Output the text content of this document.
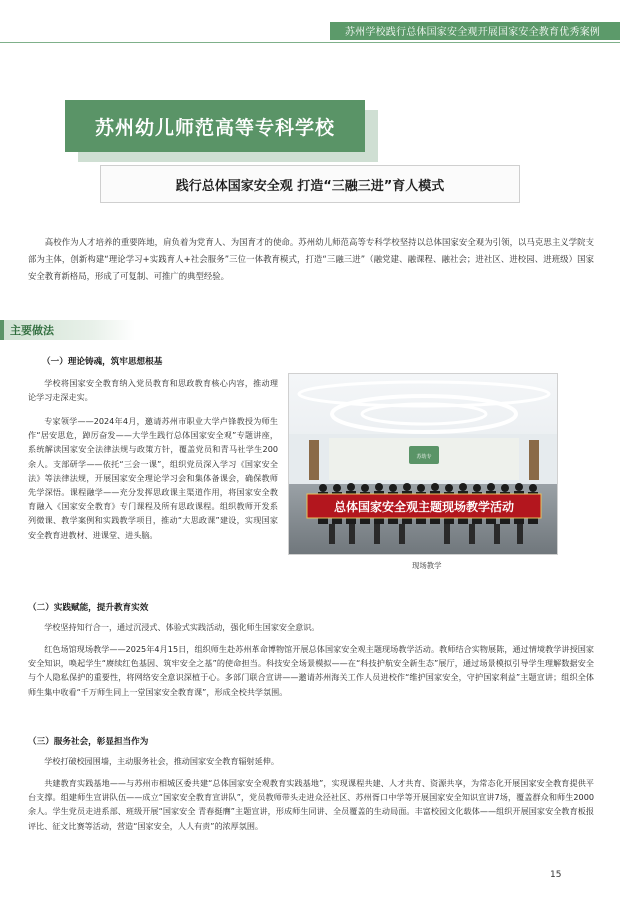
苏州学校践行总体国家安全观开展国家安全教育优秀案例
苏州幼儿师范高等专科学校
践行总体国家安全观 打造“三融三进”育人模式

高校作为人才培养的重要阵地，肩负着为党育人、为国育才的使命。苏州幼儿师范高等专科学校坚持以总体国家安全观为引领，以马克思主义学院支部为主体，创新构建“理论学习+实践育人+社会服务”三位一体教育模式，打造“三融三进”（融党建、融课程、融社会；进社区、进校园、进班级）国家安全教育新格局，形成了可复制、可推广的典型经验。

主要做法
（一）理论铸魂，筑牢思想根基

学校将国家安全教育纳入党员教育和思政教育核心内容，推动理论学习走深走实。

专家领学——2024年4月，邀请苏州市职业大学卢锋教授为师生作“居安思危，踔厉奋发——大学生践行总体国家安全观”专题讲座，系统解读国家安全法律法规与政策方针，覆盖党员和青马社学生200余人。支部研学——依托“三会一课”，组织党员深入学习《国家安全法》等法律法规，开展国家安全理论学习会和集体备课会，确保教师先学深悟。课程融学——充分发挥思政课主渠道作用，将国家安全教育融入《国家安全教育》专门课程及所有思政课程。组织教师开发系列微课、教学案例和实践教学项目，推动“大思政课”建设，实现国家安全教育进教材、进课堂、进头脑。

苏幼专
总体国家安全观主题现场教学活动
现场教学
（二）实践赋能，提升教育实效

学校坚持知行合一，通过沉浸式、体验式实践活动，强化师生国家安全意识。

红色场馆现场教学——2025年4月15日，组织师生赴苏州革命博物馆开展总体国家安全观主题现场教学活动。教师结合实物展陈，通过情境教学讲授国家安全知识，唤起学生“赓续红色基因、筑牢安全之基”的使命担当。科技安全场景模拟——在“科技护航安全新生态”展厅，通过场景模拟引导学生理解数据安全与个人隐私保护的重要性，将网络安全意识深植于心。多部门联合宣讲——邀请苏州海关工作人员进校作“维护国家安全，守护国家利益”主题宣讲；组织全体师生集中收看“千万师生同上一堂国家安全教育课”，形成全校共学氛围。

（三）服务社会，彰显担当作为

学校打破校园围墙，主动服务社会，推动国家安全教育辐射延伸。

共建教育实践基地——与苏州市相城区委共建“总体国家安全观教育实践基地”，实现课程共建、人才共育、资源共享，为常态化开展国家安全教育提供平台支撑。组建师生宣讲队伍——成立“国家安全教育宣讲队”，党员教师带头走进众泾社区、苏州胥口中学等开展国家安全知识宣讲7场，覆盖群众和师生2000余人。学生党员走进系部、班级开展“国家安全 青春挺膺”主题宣讲，形成师生同讲、全员覆盖的生动局面。丰富校园文化载体——组织开展国家安全教育板报评比、征文比赛等活动，营造“国家安全，人人有责”的浓厚氛围。

15
